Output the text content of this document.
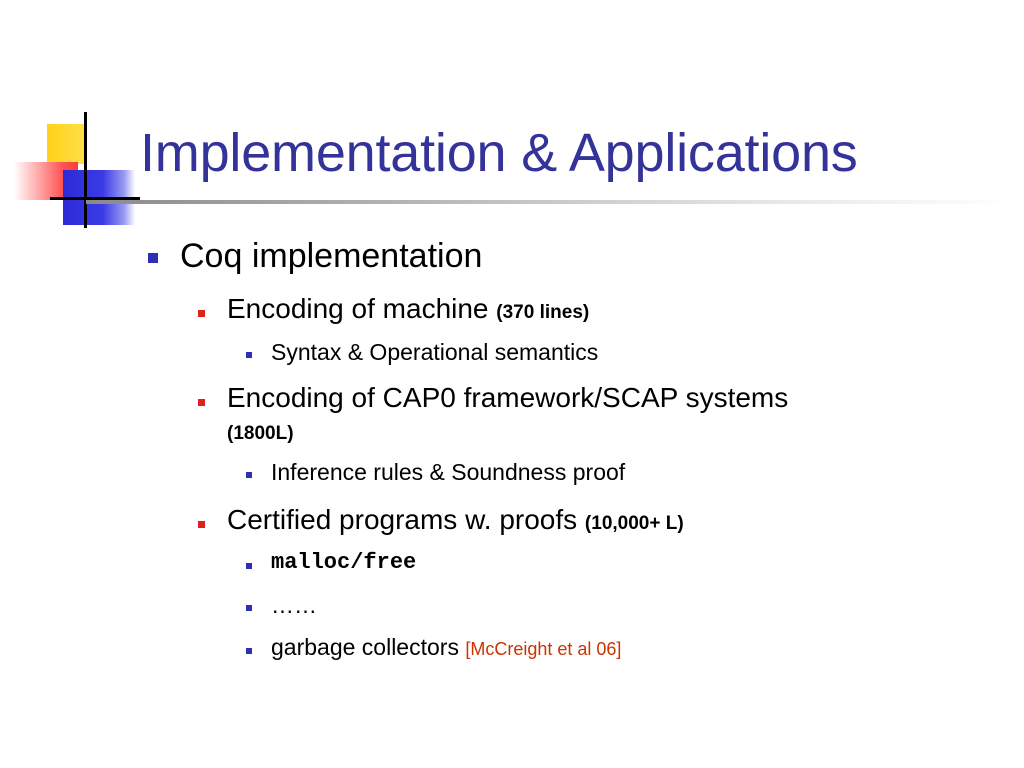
Implementation & Applications
Coq implementation
Encoding of machine (370 lines)
Syntax & Operational semantics
Encoding of CAP0 framework/SCAP systems
(1800L)
Inference rules & Soundness proof
Certified programs w. proofs (10,000+ L)
malloc/free
……
garbage collectors [McCreight et al 06]
